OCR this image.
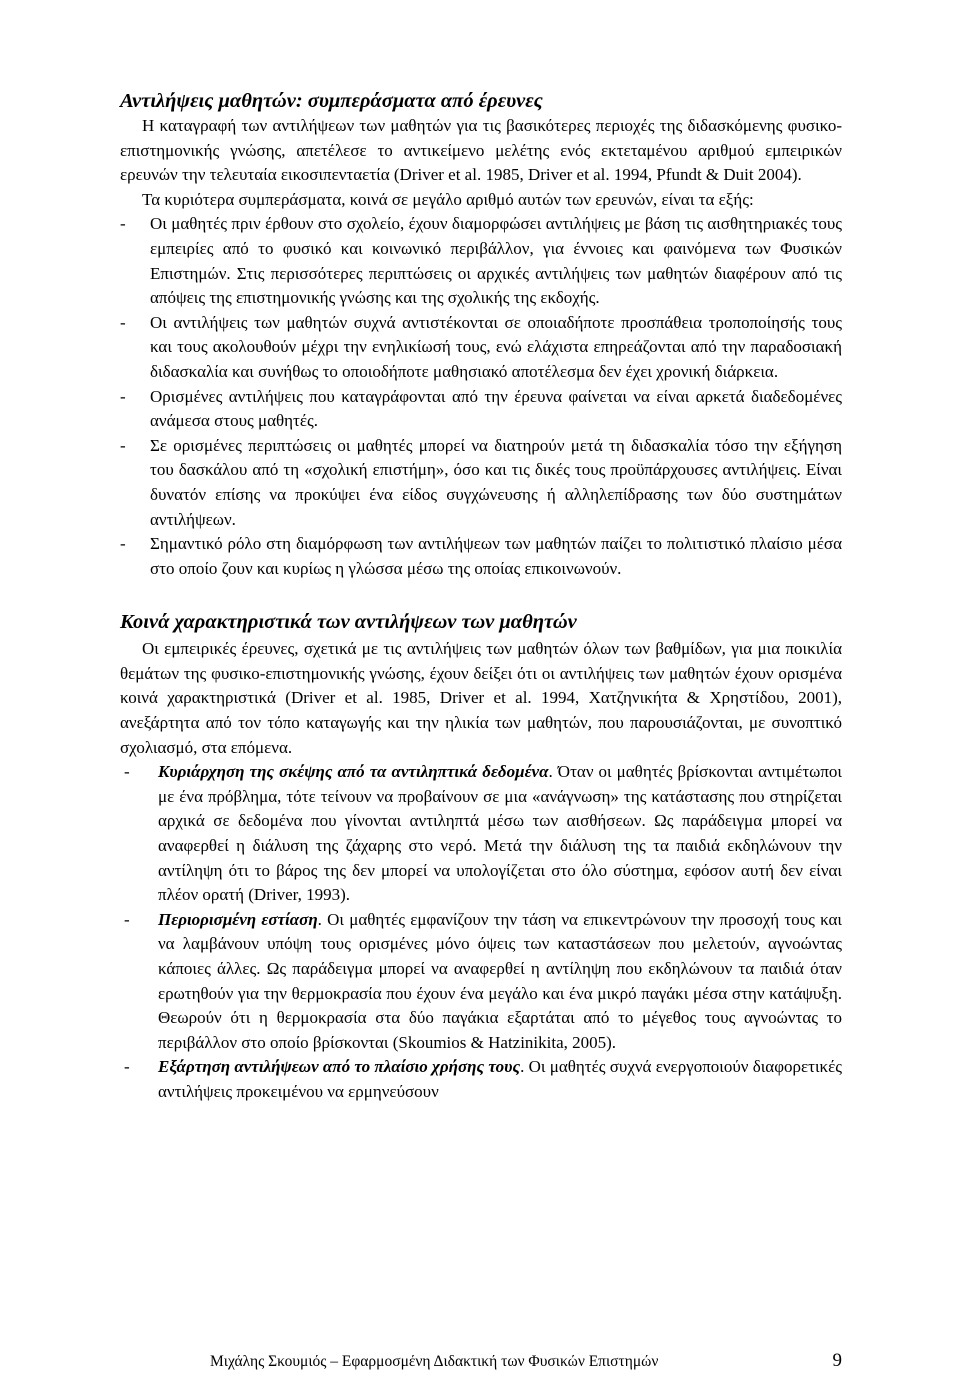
Αντιλήψεις μαθητών: συμπεράσματα από έρευνες

Η καταγραφή των αντιλήψεων των μαθητών για τις βασικότερες περιοχές της διδασκόμενης φυσικο-επιστημονικής γνώσης, απετέλεσε το αντικείμενο μελέτης ενός εκτεταμένου αριθμού εμπειρικών ερευνών την τελευταία εικοσιπενταετία (Driver et al. 1985, Driver et al. 1994, Pfundt & Duit 2004).

Τα κυριότερα συμπεράσματα, κοινά σε μεγάλο αριθμό αυτών των ερευνών, είναι τα εξής:

- Οι μαθητές πριν έρθουν στο σχολείο, έχουν διαμορφώσει αντιλήψεις με βάση τις αισθητηριακές τους εμπειρίες από το φυσικό και κοινωνικό περιβάλλον, για έννοιες και φαινόμενα των Φυσικών Επιστημών. Στις περισσότερες περιπτώσεις οι αρχικές αντιλήψεις των μαθητών διαφέρουν από τις απόψεις της επιστημονικής γνώσης και της σχολικής της εκδοχής.
- Οι αντιλήψεις των μαθητών συχνά αντιστέκονται σε οποιαδήποτε προσπάθεια τροποποίησής τους και τους ακολουθούν μέχρι την ενηλικίωσή τους, ενώ ελάχιστα επηρεάζονται από την παραδοσιακή διδασκαλία και συνήθως το οποιοδήποτε μαθησιακό αποτέλεσμα δεν έχει χρονική διάρκεια.
- Ορισμένες αντιλήψεις που καταγράφονται από την έρευνα φαίνεται να είναι αρκετά διαδεδομένες ανάμεσα στους μαθητές.
- Σε ορισμένες περιπτώσεις οι μαθητές μπορεί να διατηρούν μετά τη διδασκαλία τόσο την εξήγηση του δασκάλου από τη «σχολική επιστήμη», όσο και τις δικές τους προϋπάρχουσες αντιλήψεις. Είναι δυνατόν επίσης να προκύψει ένα είδος συγχώνευσης ή αλληλεπίδρασης των δύο συστημάτων αντιλήψεων.
- Σημαντικό ρόλο στη διαμόρφωση των αντιλήψεων των μαθητών παίζει το πολιτιστικό πλαίσιο μέσα στο οποίο ζουν και κυρίως η γλώσσα μέσω της οποίας επικοινωνούν.
Κοινά χαρακτηριστικά των αντιλήψεων των μαθητών

Οι εμπειρικές έρευνες, σχετικά με τις αντιλήψεις των μαθητών όλων των βαθμίδων, για μια ποικιλία θεμάτων της φυσικο-επιστημονικής γνώσης, έχουν δείξει ότι οι αντιλήψεις των μαθητών έχουν ορισμένα κοινά χαρακτηριστικά (Driver et al. 1985, Driver et al. 1994, Χατζηνικήτα & Χρηστίδου, 2001), ανεξάρτητα από τον τόπο καταγωγής και την ηλικία των μαθητών, που παρουσιάζονται, με συνοπτικό σχολιασμό, στα επόμενα.

- Κυριάρχηση της σκέψης από τα αντιληπτικά δεδομένα. Όταν οι μαθητές βρίσκονται αντιμέτωποι με ένα πρόβλημα, τότε τείνουν να προβαίνουν σε μια «ανάγνωση» της κατάστασης που στηρίζεται αρχικά σε δεδομένα που γίνονται αντιληπτά μέσω των αισθήσεων. Ως παράδειγμα μπορεί να αναφερθεί η διάλυση της ζάχαρης στο νερό. Μετά την διάλυση της τα παιδιά εκδηλώνουν την αντίληψη ότι το βάρος της δεν μπορεί να υπολογίζεται στο όλο σύστημα, εφόσον αυτή δεν είναι πλέον ορατή (Driver, 1993).
- Περιορισμένη εστίαση. Οι μαθητές εμφανίζουν την τάση να επικεντρώνουν την προσοχή τους και να λαμβάνουν υπόψη τους ορισμένες μόνο όψεις των καταστάσεων που μελετούν, αγνοώντας κάποιες άλλες. Ως παράδειγμα μπορεί να αναφερθεί η αντίληψη που εκδηλώνουν τα παιδιά όταν ερωτηθούν για την θερμοκρασία που έχουν ένα μεγάλο και ένα μικρό παγάκι μέσα στην κατάψυξη. Θεωρούν ότι η θερμοκρασία στα δύο παγάκια εξαρτάται από το μέγεθος τους αγνοώντας το περιβάλλον στο οποίο βρίσκονται (Skoumios & Hatzinikita, 2005).
- Εξάρτηση αντιλήψεων από το πλαίσιο χρήσης τους. Οι μαθητές συχνά ενεργοποιούν διαφορετικές αντιλήψεις προκειμένου να ερμηνεύσουν
Μιχάλης Σκουμιός – Εφαρμοσμένη Διδακτική των Φυσικών Επιστημών	9
